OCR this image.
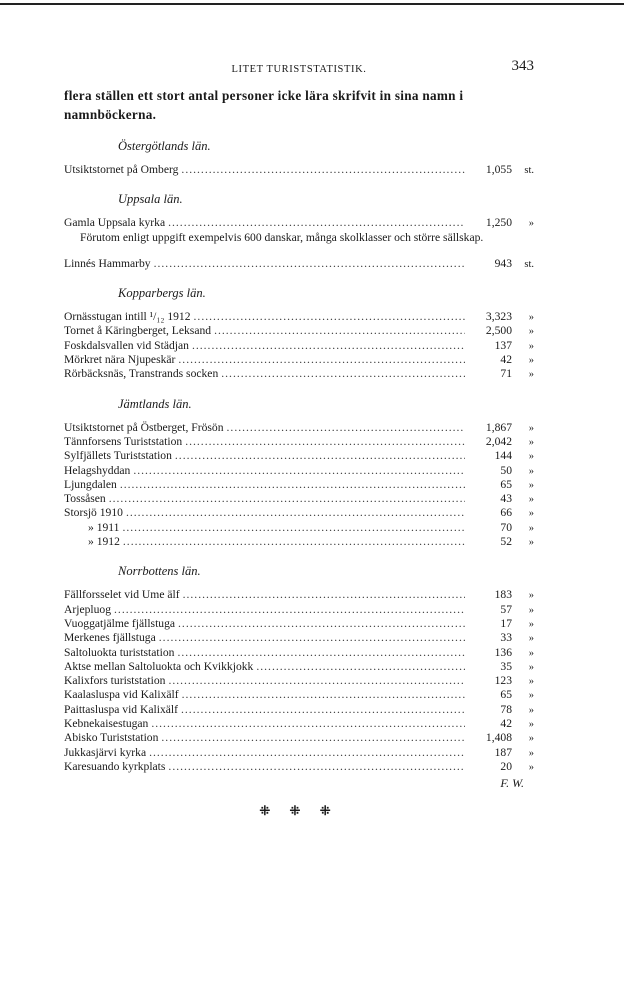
LITET TURISTSTATISTIK.	343

flera ställen ett stort antal personer icke lära skrifvit in sina namn i namnböckerna.

Östergötlands län.
Utsiktstornet på Omberg .....	1,055	st.
Uppsala län.
Gamla Uppsala kyrka .....	1,250	»

Förutom enligt uppgift exempelvis 600 danskar, många skolklasser och större sällskap.

Linnés Hammarby .....	943	st.
Kopparbergs län.
Ornässtugan intill ¹/₁₂ 1912 .....	3,323	»
Tornet å Käringberget, Leksand .....	2,500	»
Foskdalsvallen vid Städjan .....	137	»
Mörkret nära Njupeskär .....	42	»
Rörbäcksnäs, Transtrands socken .....	71	»
Jämtlands län.
Utsiktstornet på Östberget, Frösön .....	1,867	»
Tännforsens Turiststation .....	2,042	»
Sylfjällets Turiststation .....	144	»
Helagshyddan .....	50	»
Ljungdalen .....	65	»
Tossåsen .....	43	»
Storsjö 1910 .....	66	»
» 1911 .....	70	»
» 1912 .....	52	»
Norrbottens län.
Fällforsselet vid Ume älf .....	183	»
Arjepluog .....	57	»
Vuoggatjälme fjällstuga .....	17	»
Merkenes fjällstuga .....	33	»
Saltoluokta turiststation .....	136	»
Aktse mellan Saltoluokta och Kvikkjokk .....	35	»
Kalixfors turiststation .....	123	»
Kaalasluspa vid Kalixälf .....	65	»
Paittasluspa vid Kalixälf .....	78	»
Kebnekaisestugan .....	42	»
Abisko Turiststation .....	1,408	»
Jukkasjärvi kyrka .....	187	»
Karesuando kyrkplats .....	20	»
F. W.
⁜ ⁜ ⁜
